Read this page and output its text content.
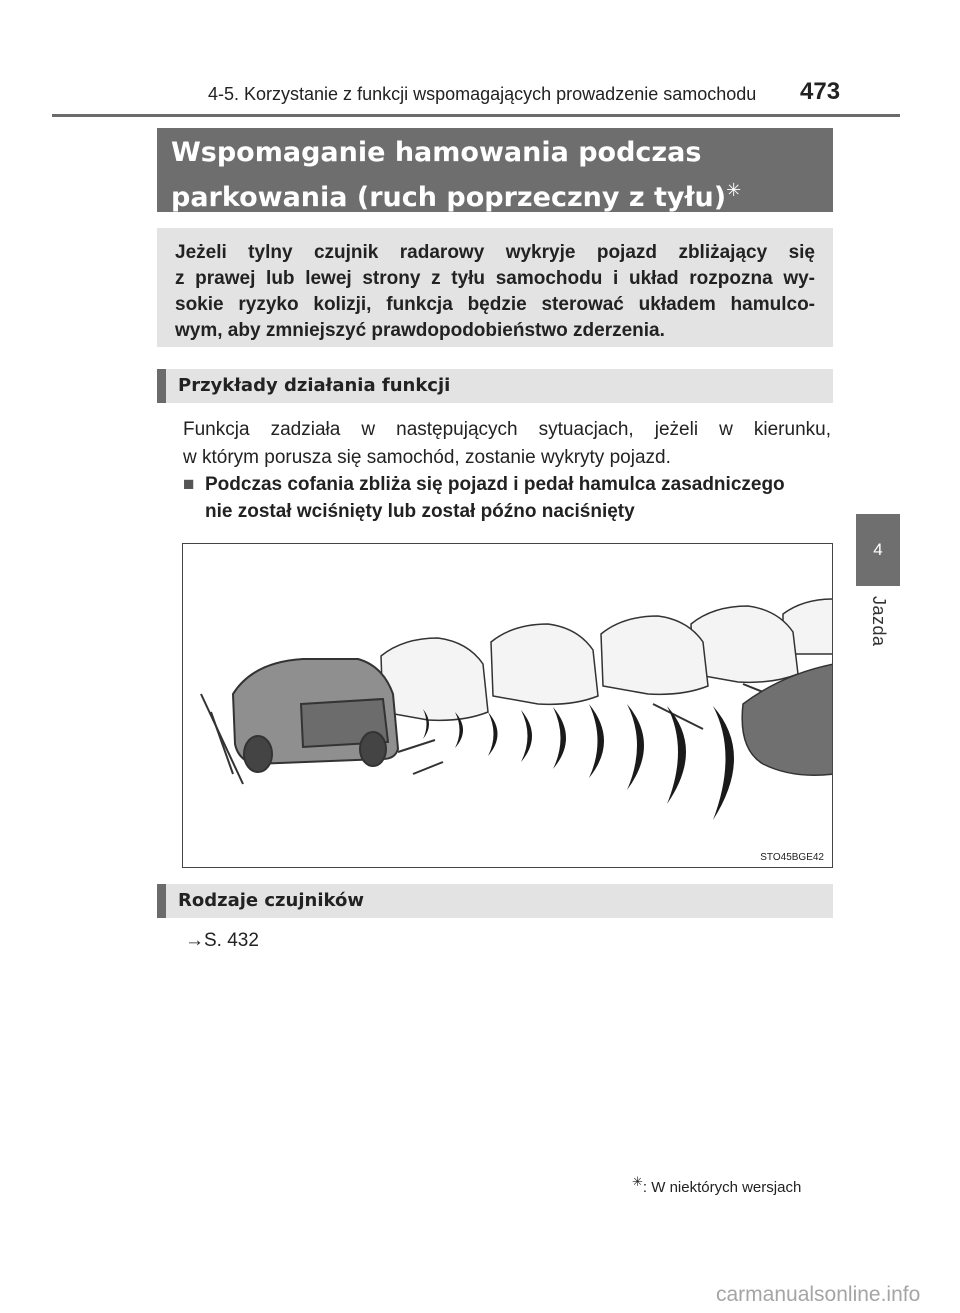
4-5. Korzystanie z funkcji wspomagających prowadzenie samochodu 473
4
Jazda
Wspomaganie hamowania podczas
parkowania (ruch poprzeczny z tyłu)✳
Jeżeli tylny czujnik radarowy wykryje pojazd zbliżający się
z prawej lub lewej strony z tyłu samochodu i układ rozpozna wy-
sokie ryzyko kolizji, funkcja będzie sterować układem hamulco-
wym, aby zmniejszyć prawdopodobieństwo zderzenia.
Przykłady działania funkcji
Funkcja zadziała w następujących sytuacjach, jeżeli w kierunku,
w którym porusza się samochód, zostanie wykryty pojazd.
■ Podczas cofania zbliża się pojazd i pedał hamulca zasadniczego
nie został wciśnięty lub został późno naciśnięty
STO45BGE42
Rodzaje czujników
→S. 432
✳: W niektórych wersjach
carmanualsonline.info
